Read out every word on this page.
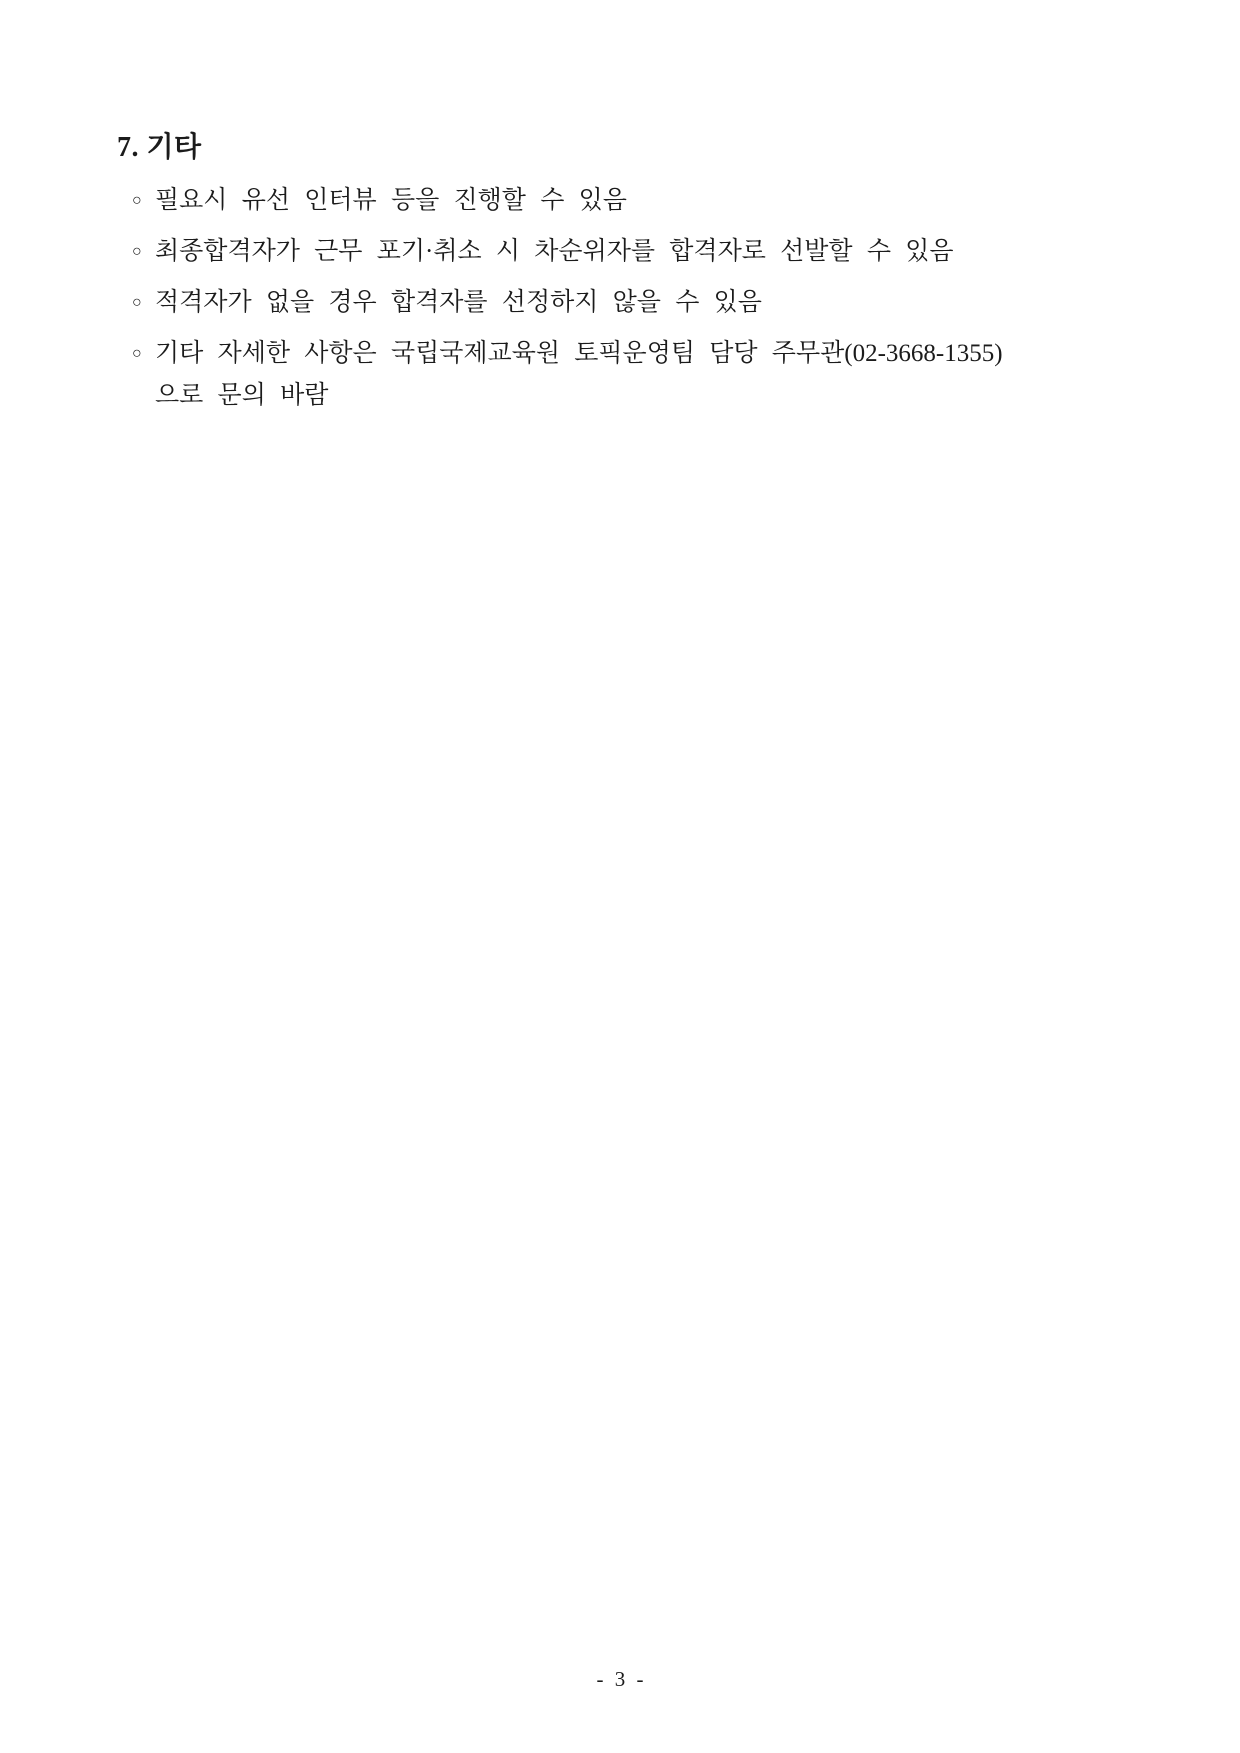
7. 기타
○ 필요시 유선 인터뷰 등을 진행할 수 있음
○ 최종합격자가 근무 포기·취소 시 차순위자를 합격자로 선발할 수 있음
○ 적격자가 없을 경우 합격자를 선정하지 않을 수 있음
○ 기타 자세한 사항은 국립국제교육원 토픽운영팀 담당 주무관(02-3668-1355)
으로 문의 바람
- 3 -
